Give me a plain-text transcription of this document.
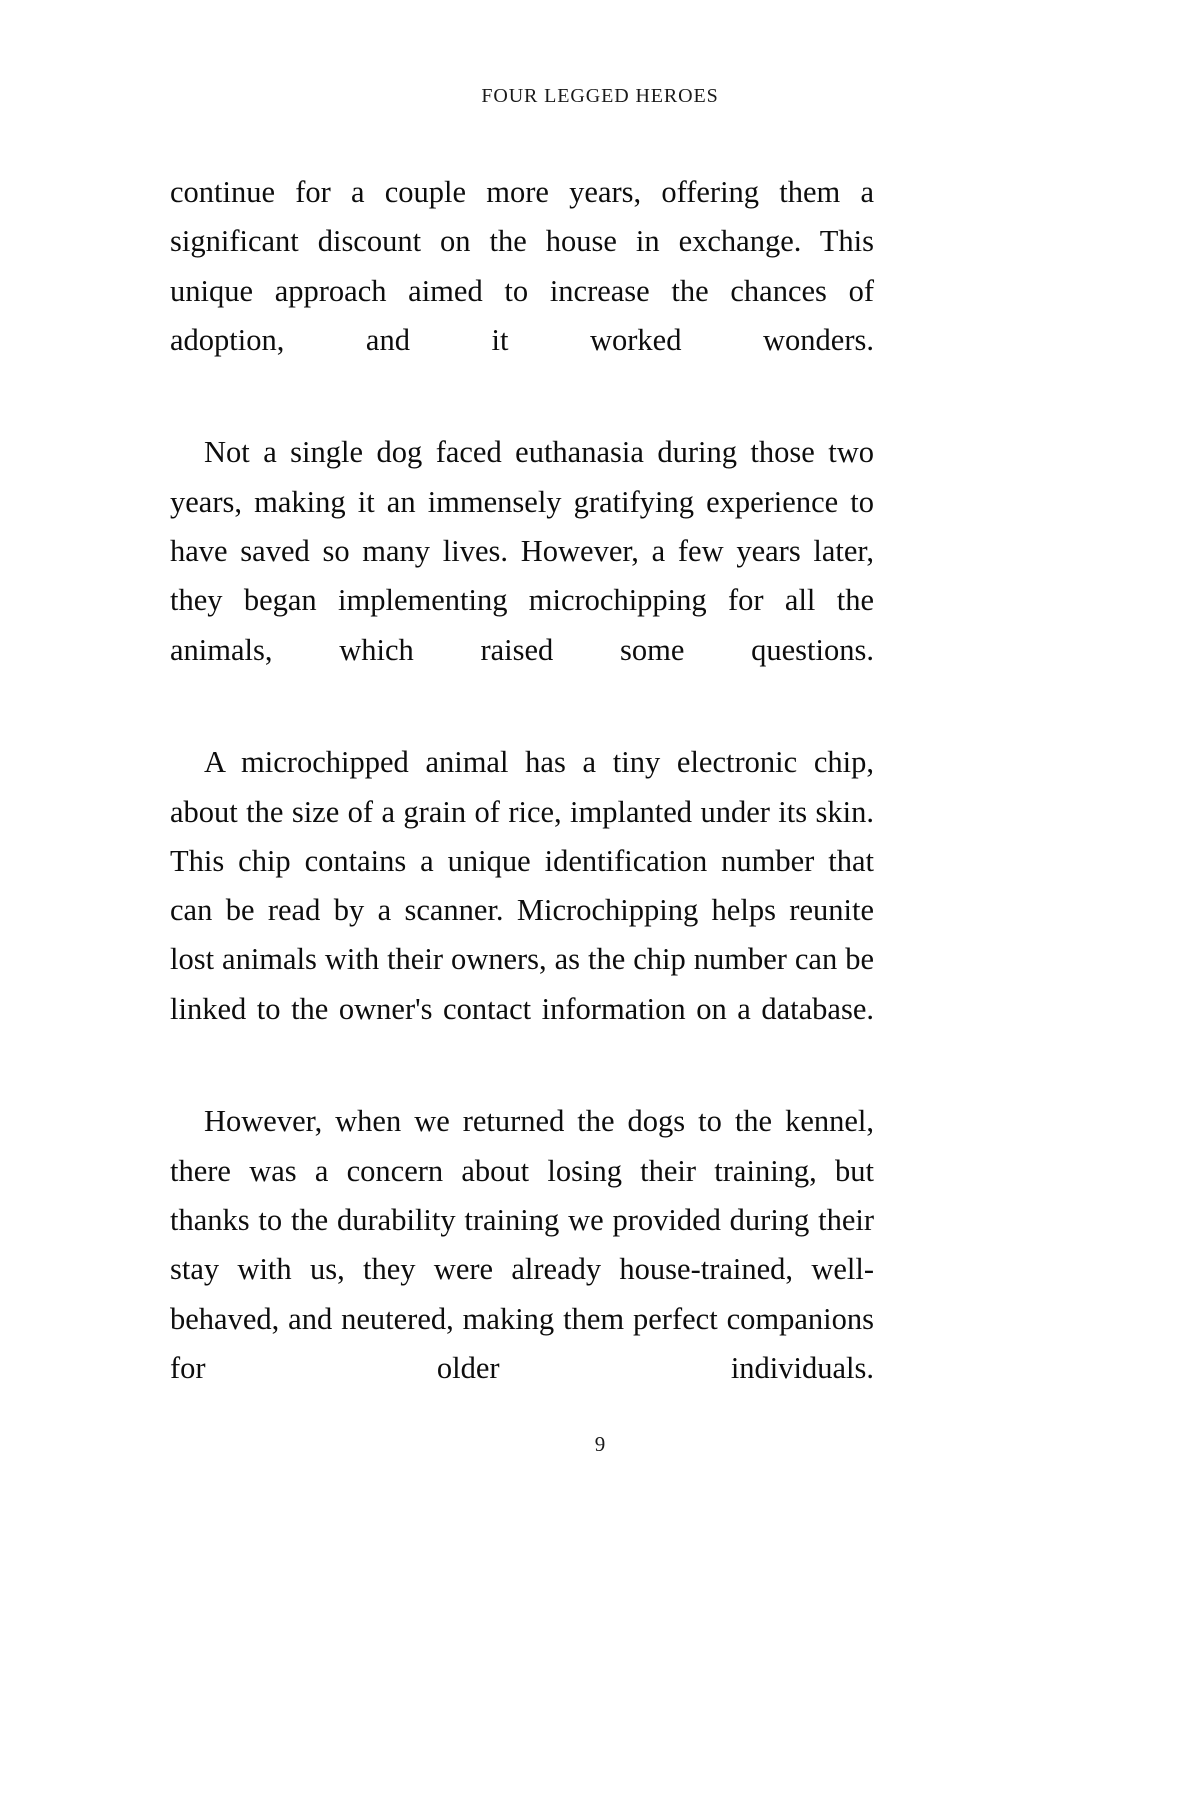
FOUR LEGGED HEROES

continue for a couple more years, offering them a significant discount on the house in exchange. This unique approach aimed to increase the chances of adoption, and it worked wonders.

Not a single dog faced euthanasia during those two years, making it an immensely gratifying experience to have saved so many lives. However, a few years later, they began implementing microchipping for all the animals, which raised some questions.

A microchipped animal has a tiny electronic chip, about the size of a grain of rice, implanted under its skin. This chip contains a unique identification number that can be read by a scanner. Microchipping helps reunite lost animals with their owners, as the chip number can be linked to the owner's contact information on a database.

However, when we returned the dogs to the kennel, there was a concern about losing their training, but thanks to the durability training we provided during their stay with us, they were already house-trained, well-behaved, and neutered, making them perfect companions for older individuals.

9
